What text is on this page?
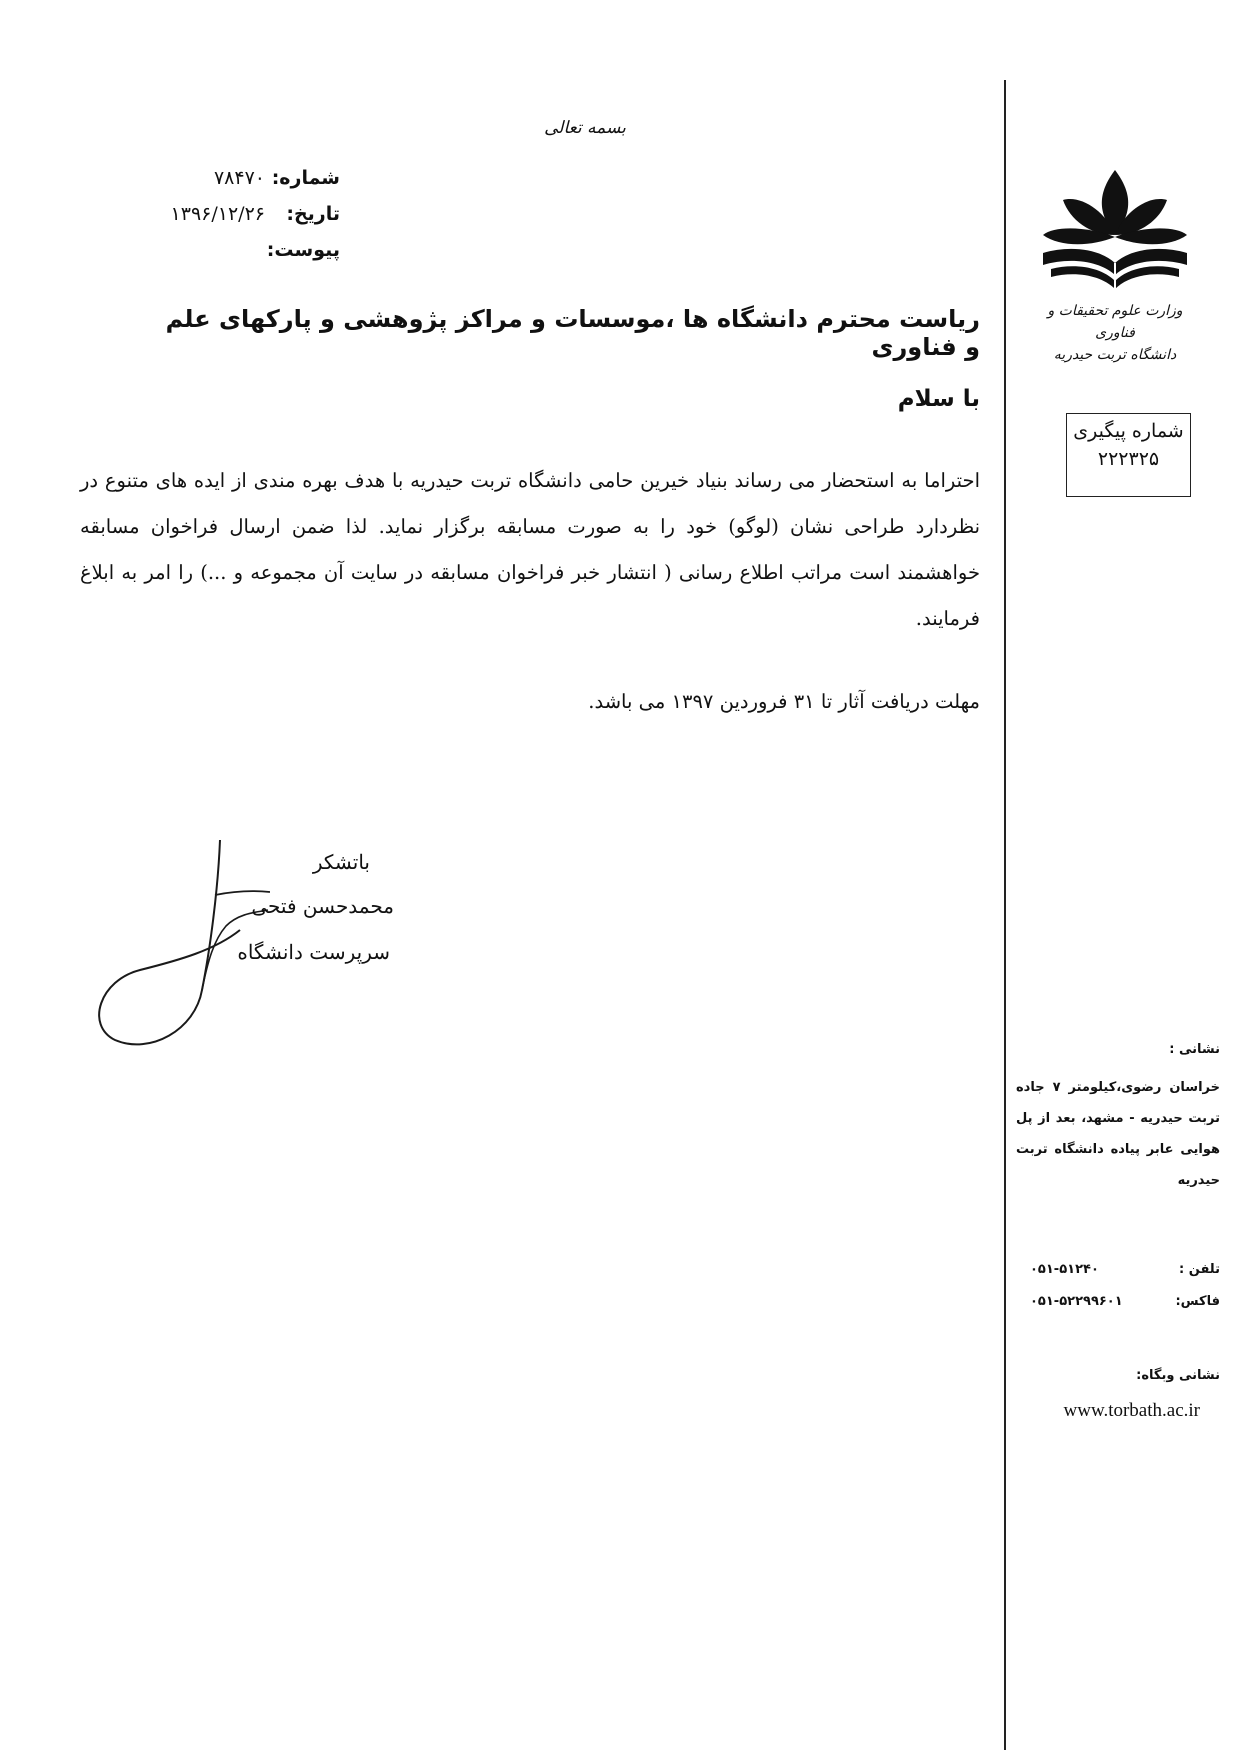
بسمه تعالی
شماره:
۷۸۴۷۰
تاریخ:
۱۳۹۶/۱۲/۲۶
پیوست:
ریاست محترم دانشگاه ها ،موسسات و مراکز پژوهشی و پارکهای علم و فناوری
با سلام

احتراما به استحضار می رساند بنیاد خیرین حامی دانشگاه تربت حیدریه با هدف بهره مندی از ایده های متنوع در نظردارد طراحی نشان (لوگو) خود را به صورت مسابقه برگزار نماید. لذا ضمن ارسال فراخوان مسابقه خواهشمند است مراتب اطلاع رسانی ( انتشار خبر فراخوان مسابقه در سایت آن مجموعه و ...) را امر به ابلاغ فرمایند.

مهلت دریافت آثار تا ۳۱ فروردین ۱۳۹۷ می باشد.
باتشکر
محمدحسن فتحی
سرپرست دانشگاه
وزارت علوم تحقیقات و فناوری
دانشگاه تربت حیدریه
شماره پیگیری
۲۲۲۳۲۵
نشانی :
خراسان رضوی،کیلومتر ۷ جاده تربت حیدریه - مشهد، بعد از پل هوایی عابر پیاده دانشگاه تربت حیدریه
تلفن :
۰۵۱-۵۱۲۴۰
فاکس:
۰۵۱-۵۲۲۹۹۶۰۱
نشانی وبگاه:
www.torbath.ac.ir
